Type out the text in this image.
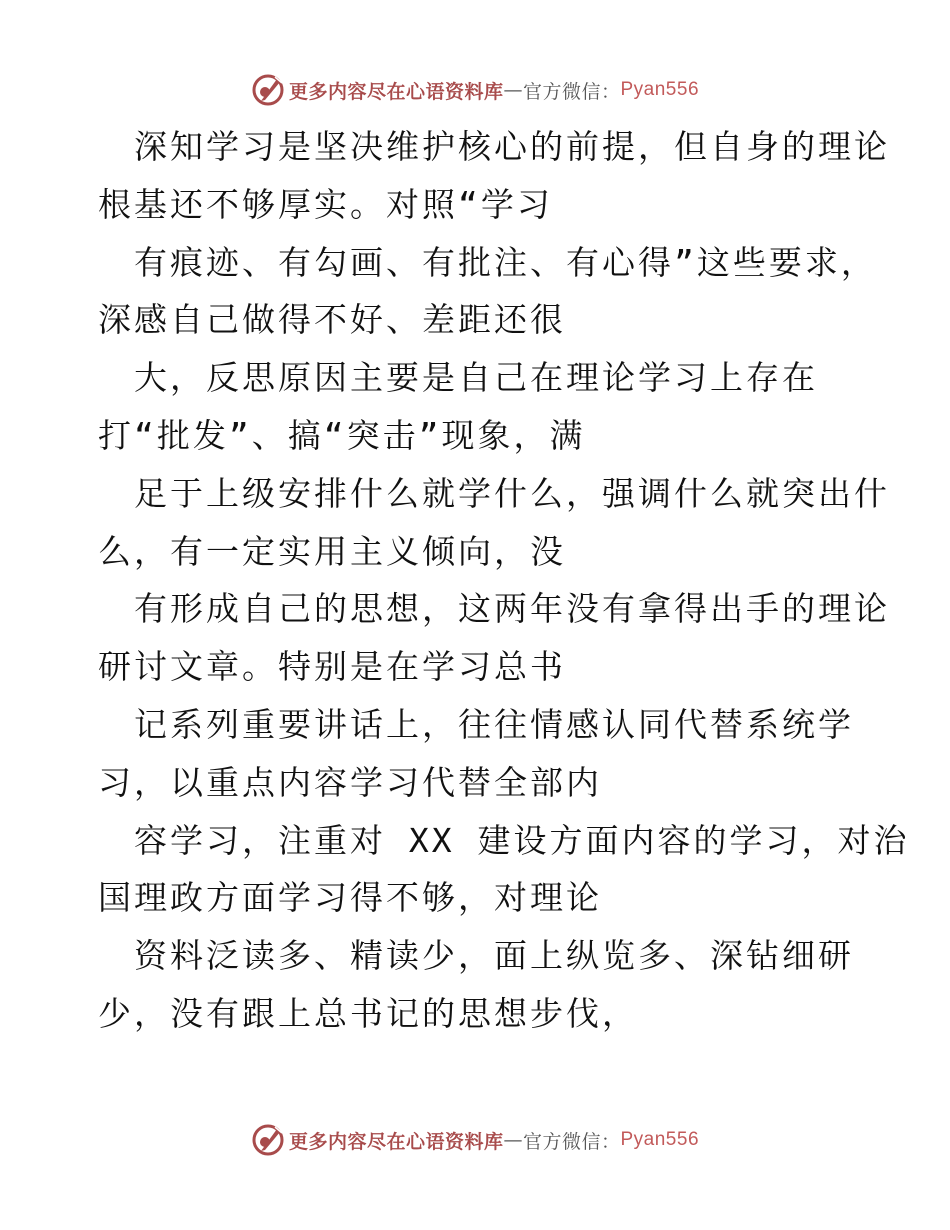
更多内容尽在心语资料库 — 官方微信： Pyan556
深知学习是坚决维护核心的前提，但自身的理论
根基还不够厚实。对照“学习
有痕迹、有勾画、有批注、有心得”这些要求，
深感自己做得不好、差距还很
大，反思原因主要是自己在理论学习上存在
打“批发”、搞“突击”现象，满
足于上级安排什么就学什么，强调什么就突出什
么，有一定实用主义倾向，没
有形成自己的思想，这两年没有拿得出手的理论
研讨文章。特别是在学习总书
记系列重要讲话上，往往情感认同代替系统学
习，以重点内容学习代替全部内
容学习，注重对 XX 建设方面内容的学习，对治
国理政方面学习得不够，对理论
资料泛读多、精读少，面上纵览多、深钻细研
少，没有跟上总书记的思想步伐，
更多内容尽在心语资料库 — 官方微信： Pyan556
